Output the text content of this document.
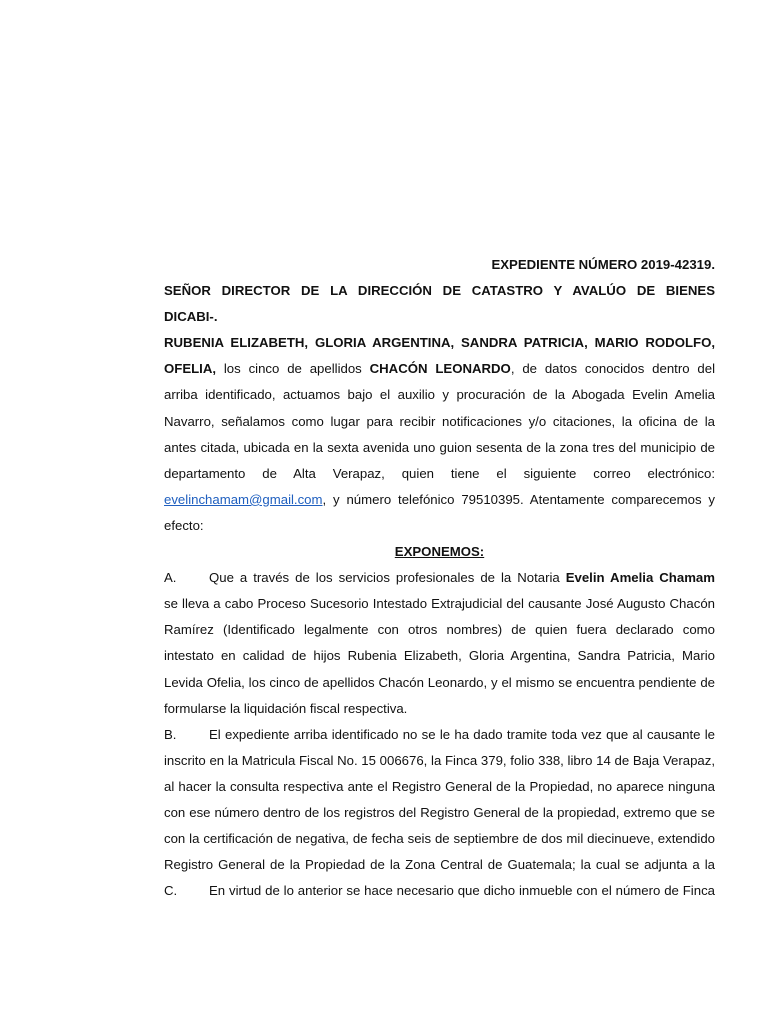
EXPEDIENTE NÚMERO 2019-42319.
SEÑOR DIRECTOR DE LA DIRECCIÓN DE CATASTRO Y AVALÚO DE BIENES
DICABI-.
RUBENIA ELIZABETH, GLORIA ARGENTINA, SANDRA PATRICIA, MARIO RODOLFO,
OFELIA, los cinco de apellidos CHACÓN LEONARDO, de datos conocidos dentro del
arriba identificado, actuamos bajo el auxilio y procuración de la Abogada Evelin Amelia
Navarro, señalamos como lugar para recibir notificaciones y/o citaciones, la oficina de la
antes citada, ubicada en la sexta avenida uno guion sesenta de la zona tres del municipio de
departamento de Alta Verapaz, quien tiene el siguiente correo electrónico:
evelinchamam@gmail.com, y número telefónico 79510395. Atentamente comparecemos y
efecto:
EXPONEMOS:
A. Que a través de los servicios profesionales de la Notaria Evelin Amelia Chamam
se lleva a cabo Proceso Sucesorio Intestado Extrajudicial del causante José Augusto Chacón
Ramírez (Identificado legalmente con otros nombres) de quien fuera declarado como
intestato en calidad de hijos Rubenia Elizabeth, Gloria Argentina, Sandra Patricia, Mario
Levida Ofelia, los cinco de apellidos Chacón Leonardo, y el mismo se encuentra pendiente de
formularse la liquidación fiscal respectiva.
B. El expediente arriba identificado no se le ha dado tramite toda vez que al causante le
inscrito en la Matricula Fiscal No. 15 006676, la Finca 379, folio 338, libro 14 de Baja Verapaz,
al hacer la consulta respectiva ante el Registro General de la Propiedad, no aparece ninguna
con ese número dentro de los registros del Registro General de la propiedad, extremo que se
con la certificación de negativa, de fecha seis de septiembre de dos mil diecinueve, extendido
Registro General de la Propiedad de la Zona Central de Guatemala; la cual se adjunta a la
C. En virtud de lo anterior se hace necesario que dicho inmueble con el número de Finca
